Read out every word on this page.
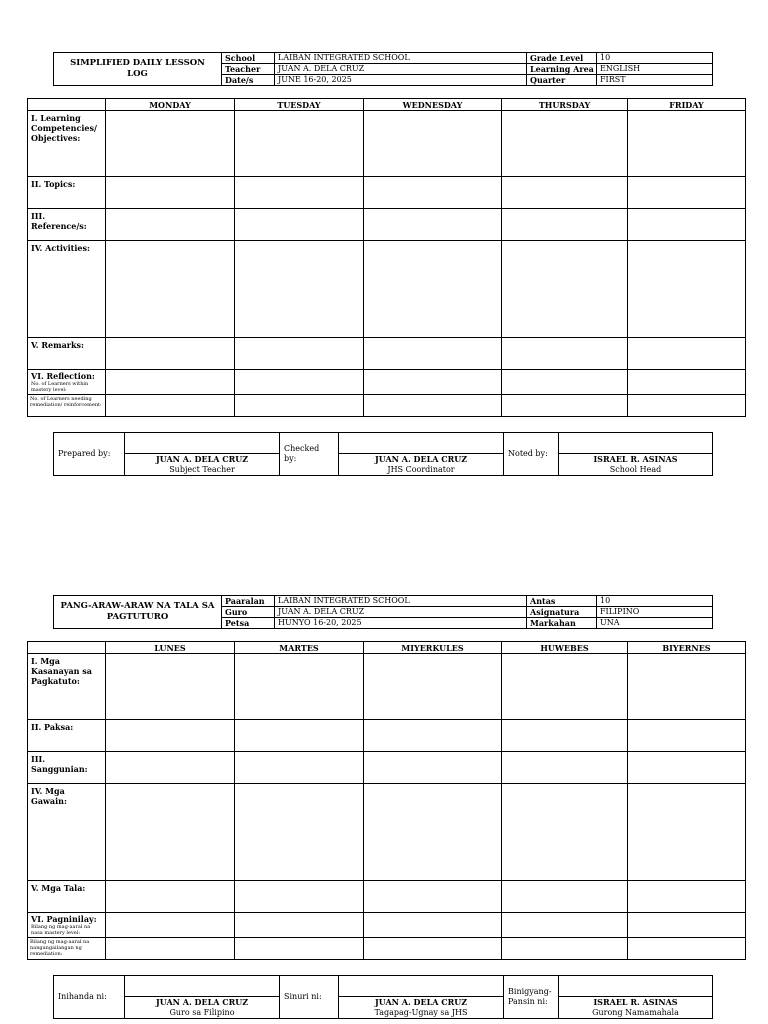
SIMPLIFIED DAILY LESSON LOG	School	LAIBAN INTEGRATED SCHOOL	Grade Level	10
	Teacher	JUAN A. DELA CRUZ	Learning Area	ENGLISH
	Date/s	JUNE 16-20, 2025	Quarter	FIRST
	MONDAY	TUESDAY	WEDNESDAY	THURSDAY	FRIDAY
I. Learning Competencies/ Objectives:					
II. Topics:					
III. Reference/s:					
IV. Activities:					
V. Remarks:					

VI. Reflection:
No. of Learners within mastery level:					

No. of Learners needing remediation/ reinforcement:					
Prepared by:		Checked by:		Noted by:	
	JUAN A. DELA CRUZ		JUAN A. DELA CRUZ		ISRAEL R. ASINAS
	Subject Teacher		JHS Coordinator		School Head
PANG-ARAW-ARAW NA TALA SA PAGTUTURO	Paaralan	LAIBAN INTEGRATED SCHOOL	Antas	10
	Guro	JUAN A. DELA CRUZ	Asignatura	FILIPINO
	Petsa	HUNYO 16-20, 2025	Markahan	UNA
	LUNES	MARTES	MIYERKULES	HUWEBES	BIYERNES
I. Mga Kasanayan sa Pagkatuto:					
II. Paksa:					
III. Sanggunian:					
IV. Mga Gawain:					
V. Mga Tala:					

VI. Pagninilay:
Bilang ng mag-aaral na nasa mastery level:					

Bilang ng mag-aaral na nangangailangan ng remediation:					
Inihanda ni:		Sinuri ni:		Binigyang-Pansin ni:	
	JUAN A. DELA CRUZ		JUAN A. DELA CRUZ		ISRAEL R. ASINAS
	Guro sa Filipino		Tagapag-Ugnay sa JHS		Gurong Namamahala
